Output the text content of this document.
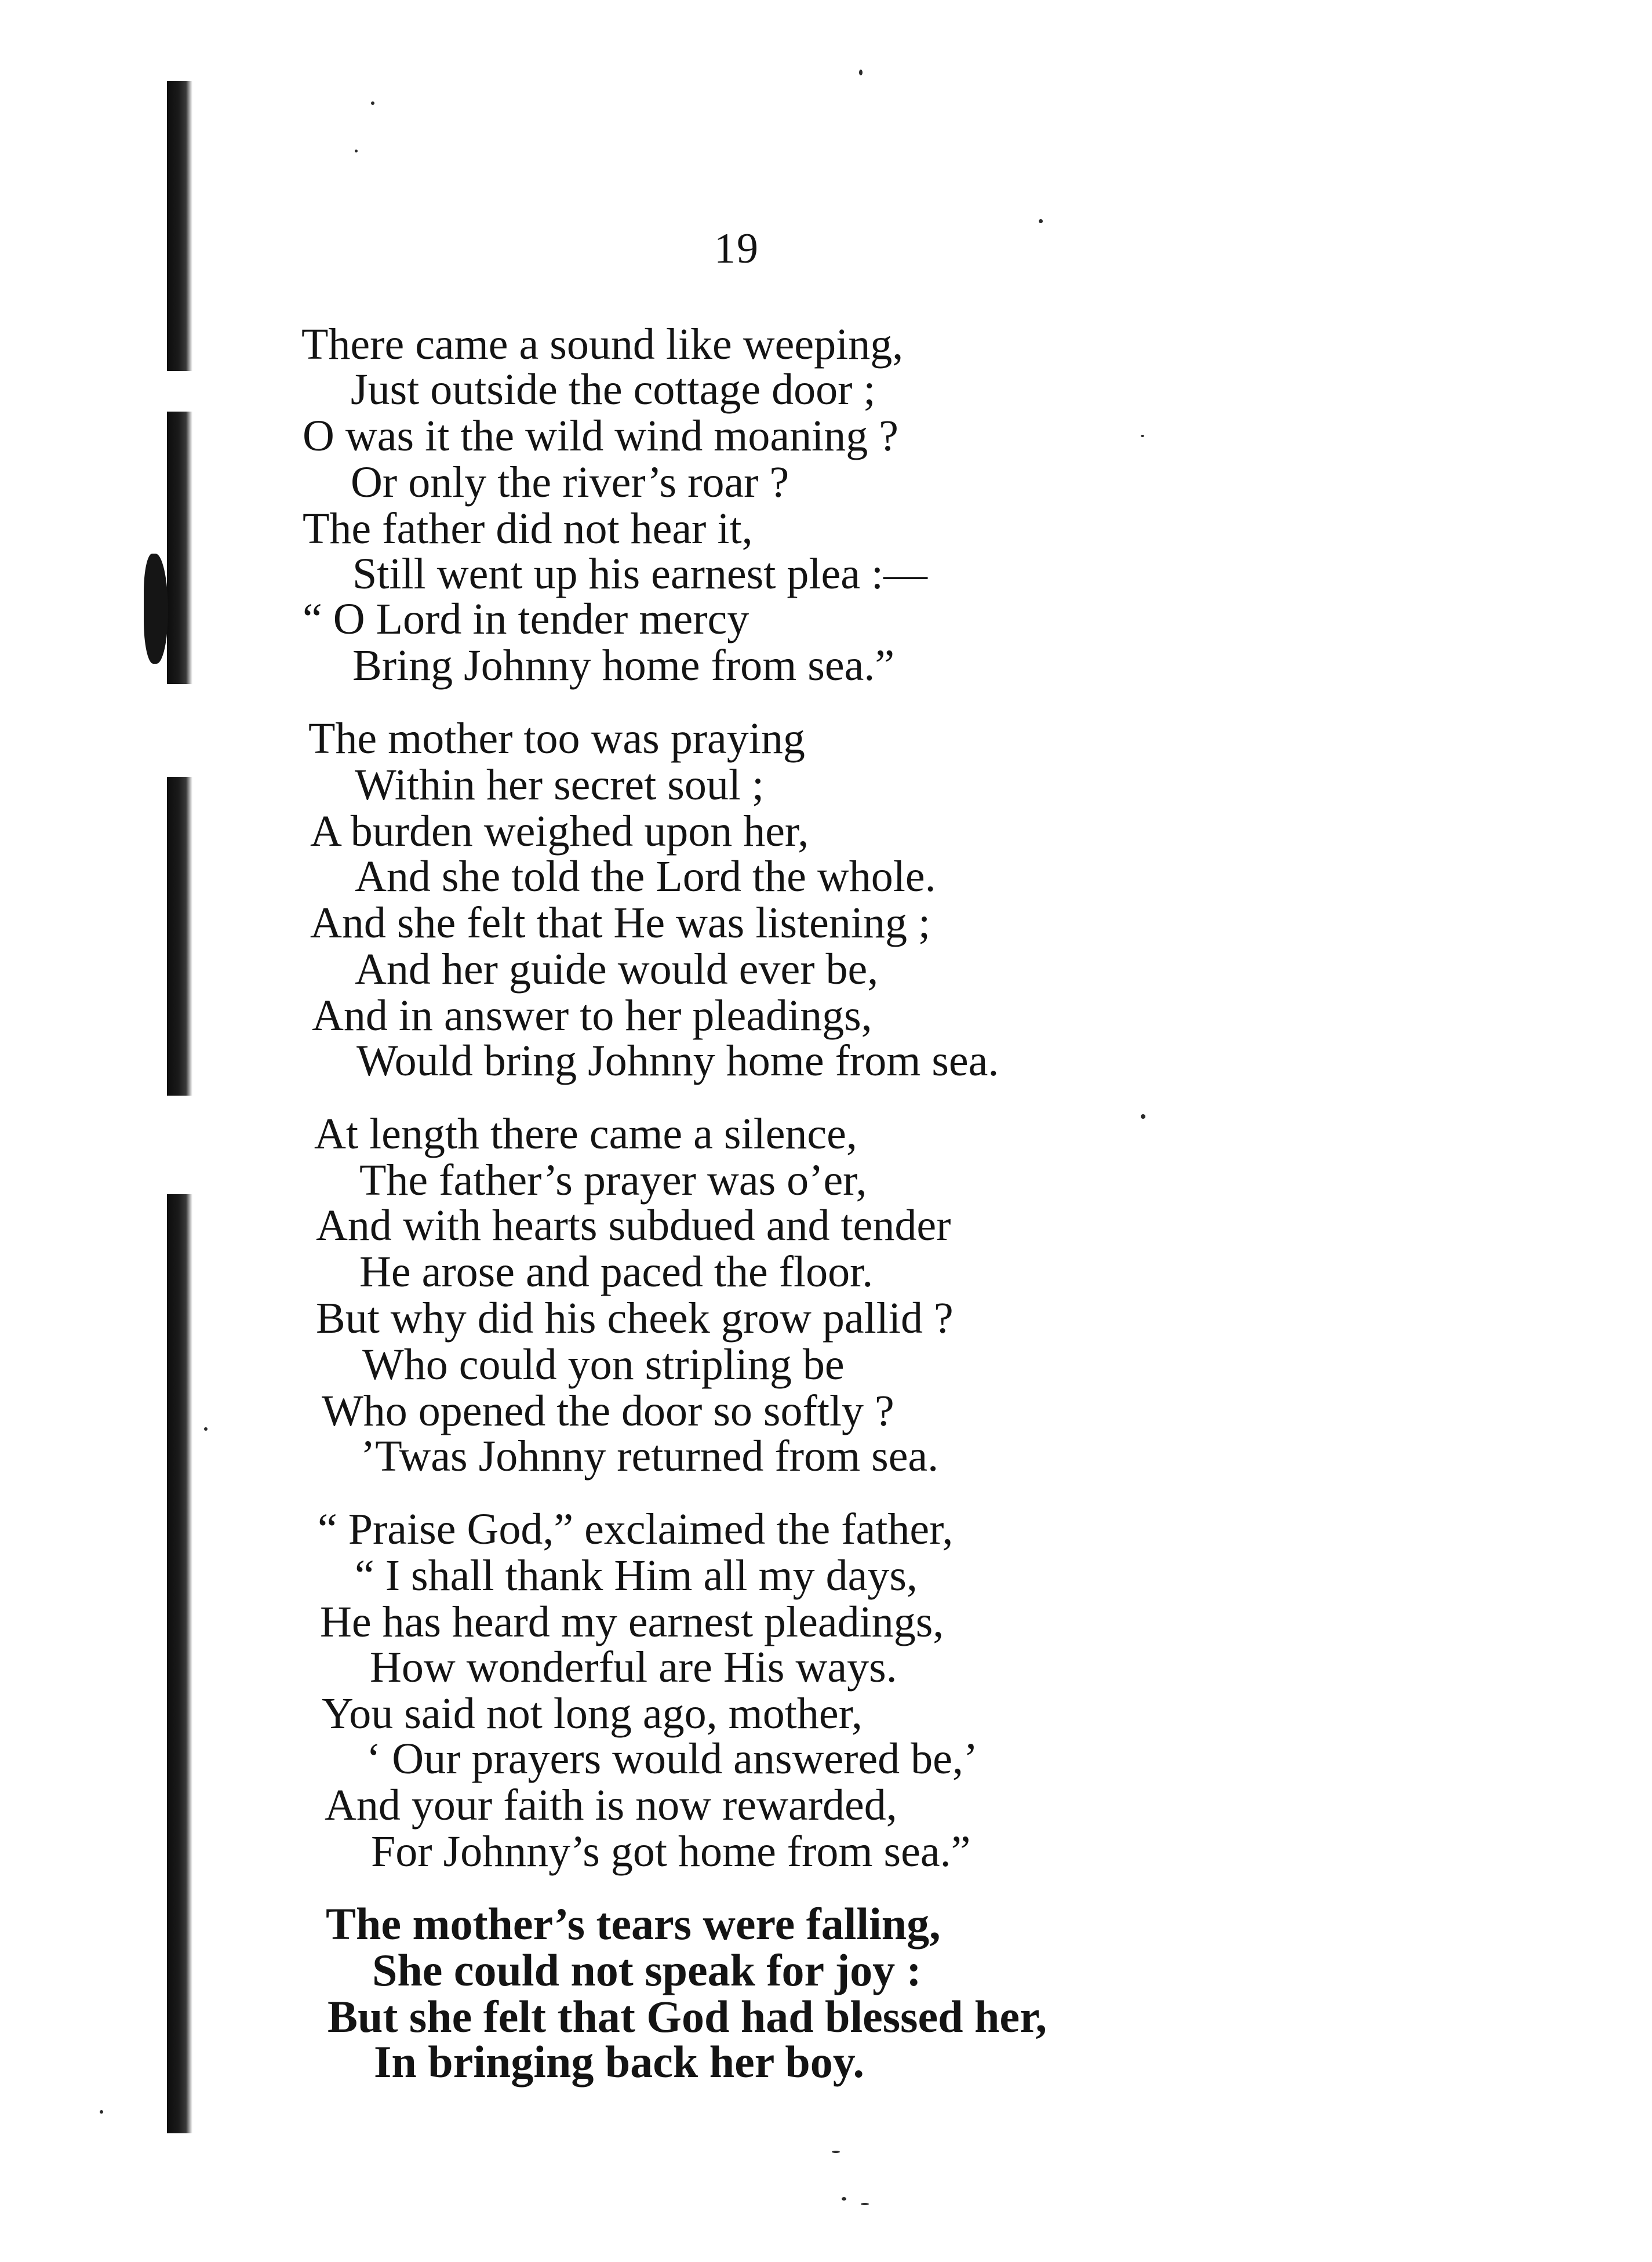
19
There came a sound like weeping,
Just outside the cottage door ;
O was it the wild wind moaning ?
Or only the river’s roar ?
The father did not hear it,
Still went up his earnest plea :—
“ O Lord in tender mercy
Bring Johnny home from sea.”
The mother too was praying
Within her secret soul ;
A burden weighed upon her,
And she told the Lord the whole.
And she felt that He was listening ;
And her guide would ever be,
And in answer to her pleadings,
Would bring Johnny home from sea.
At length there came a silence,
The father’s prayer was o’er,
And with hearts subdued and tender
He arose and paced the floor.
But why did his cheek grow pallid ?
Who could yon stripling be
Who opened the door so softly ?
’Twas Johnny returned from sea.
“ Praise God,” exclaimed the father,
“ I shall thank Him all my days,
He has heard my earnest pleadings,
How wonderful are His ways.
You said not long ago, mother,
‘ Our prayers would answered be,’
And your faith is now rewarded,
For Johnny’s got home from sea.”
The mother’s tears were falling,
She could not speak for joy :
But she felt that God had blessed her,
In bringing back her boy.
